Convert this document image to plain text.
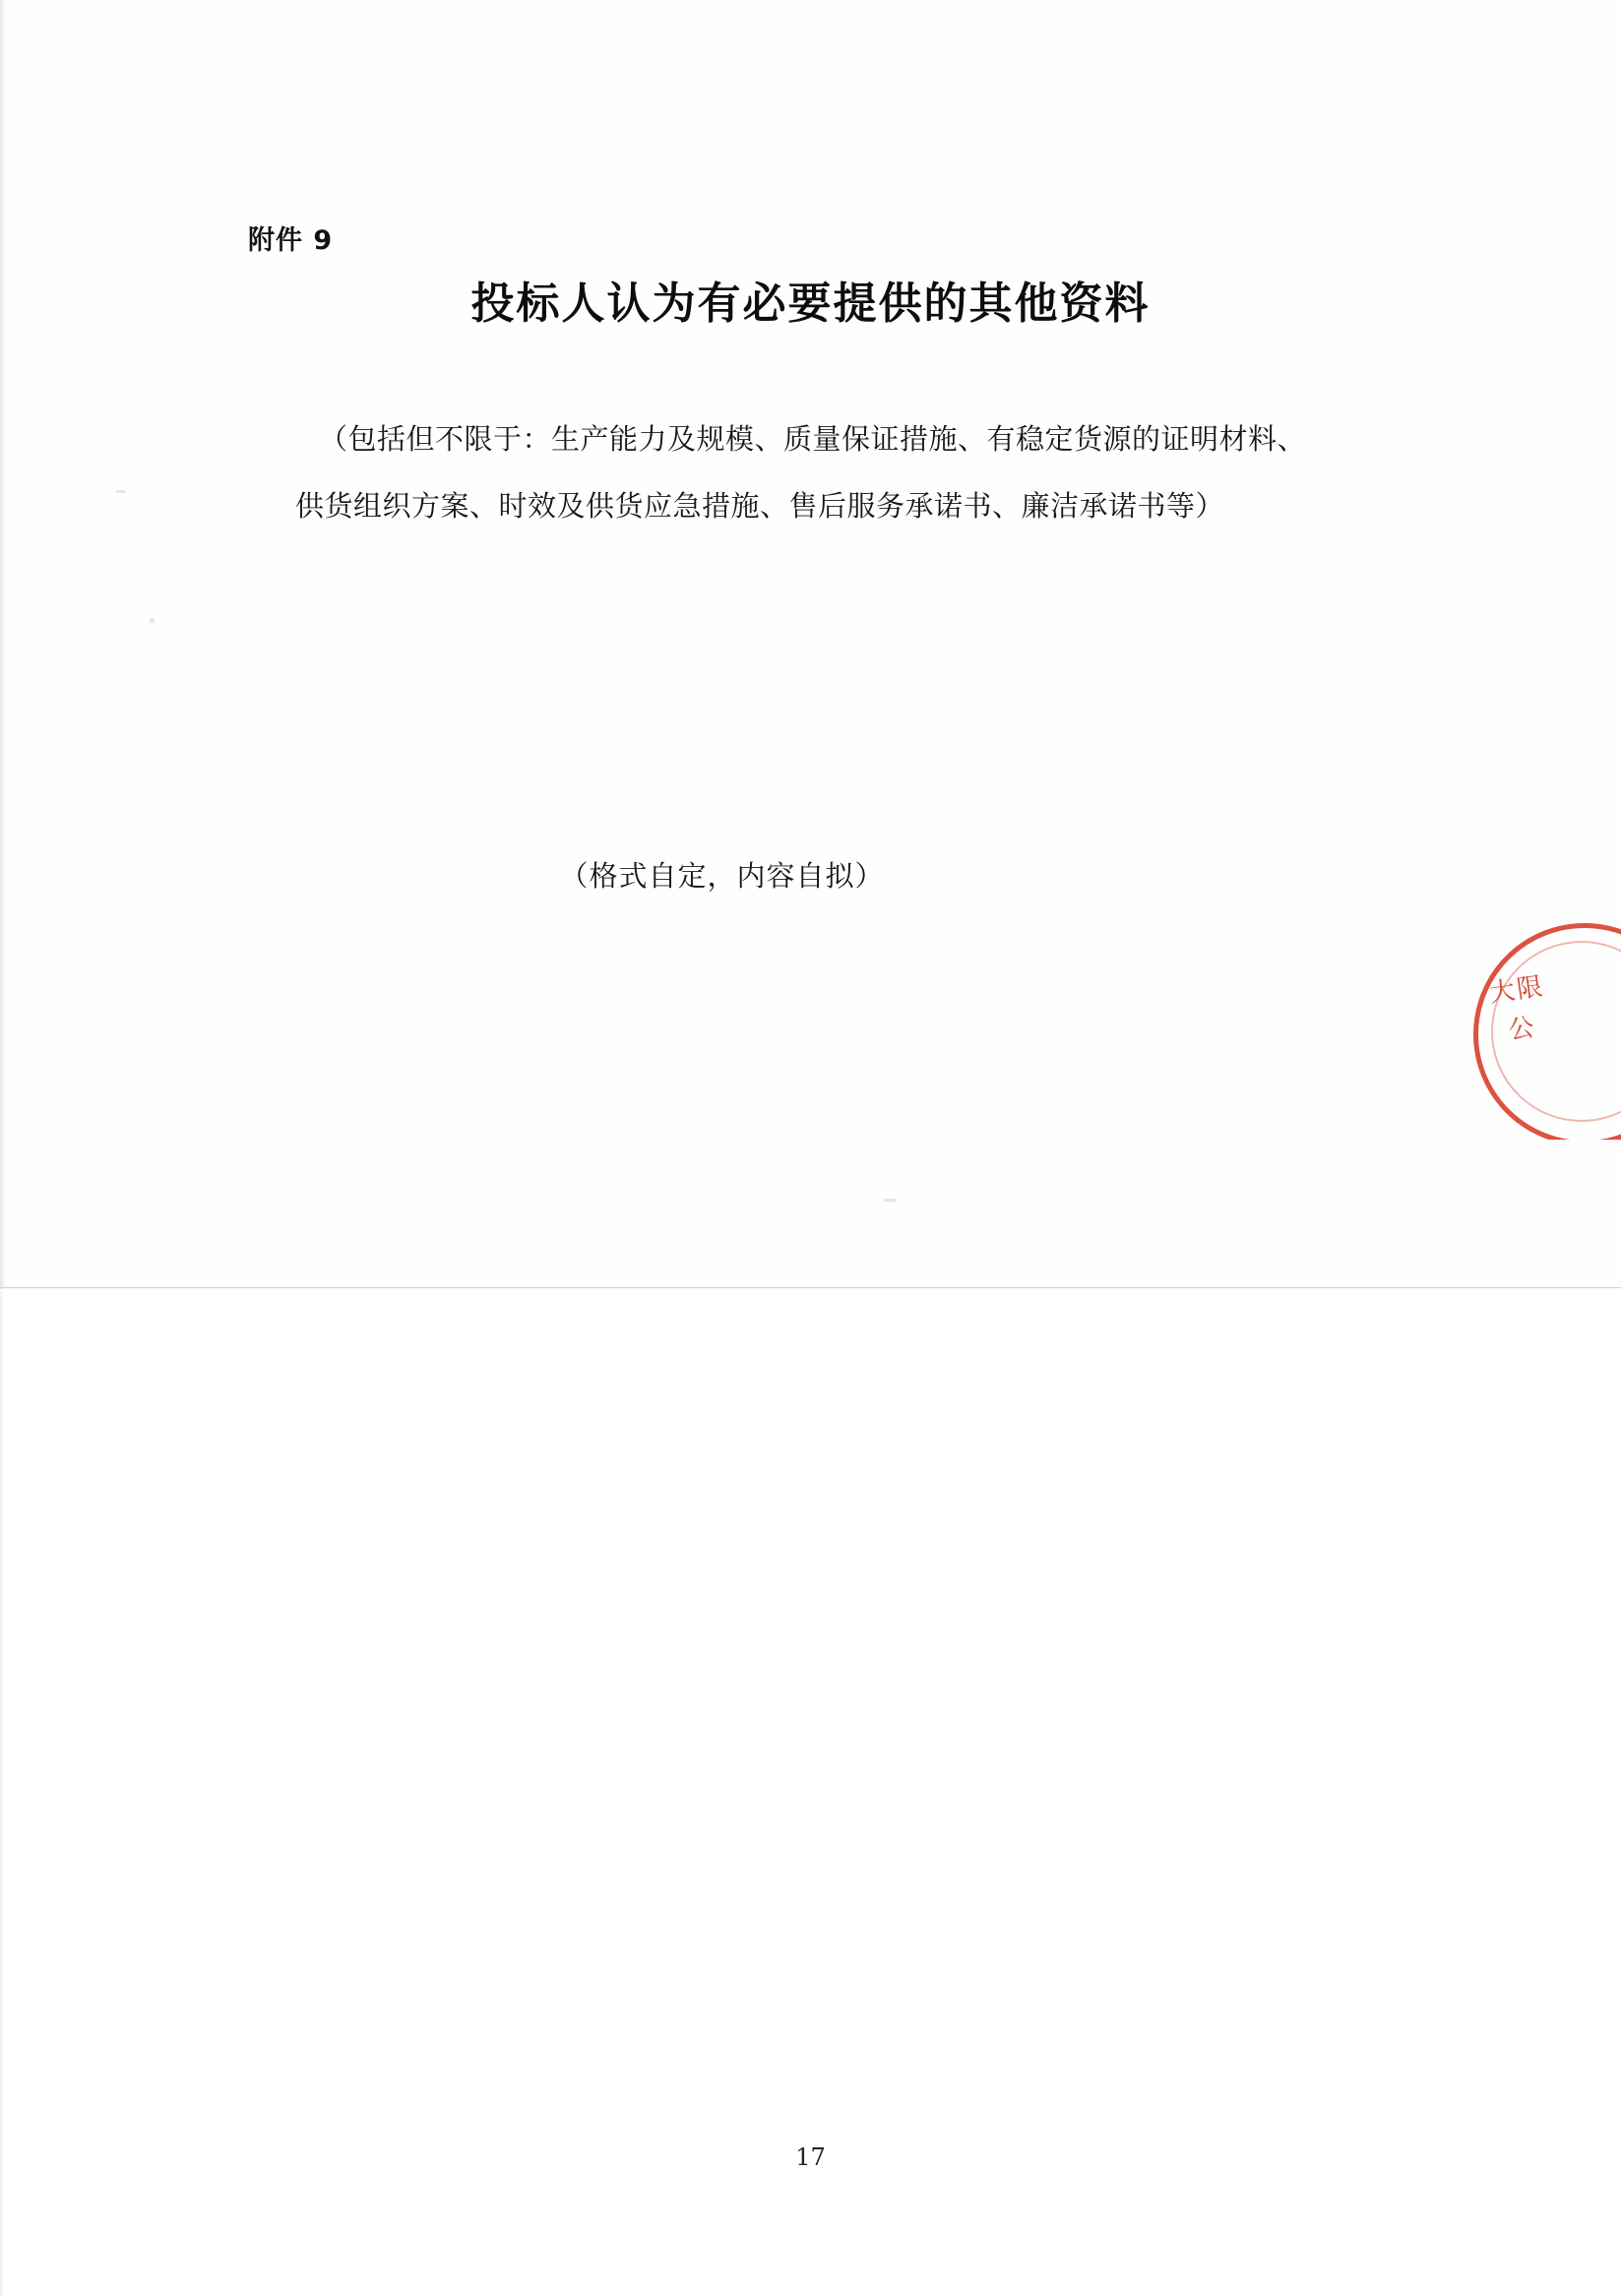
附件 9
投标人认为有必要提供的其他资料
（包括但不限于：生产能力及规模、质量保证措施、有稳定货源的证明材料、
供货组织方案、时效及供货应急措施、售后服务承诺书、廉洁承诺书等）
（格式自定，内容自拟）
大限公
17
